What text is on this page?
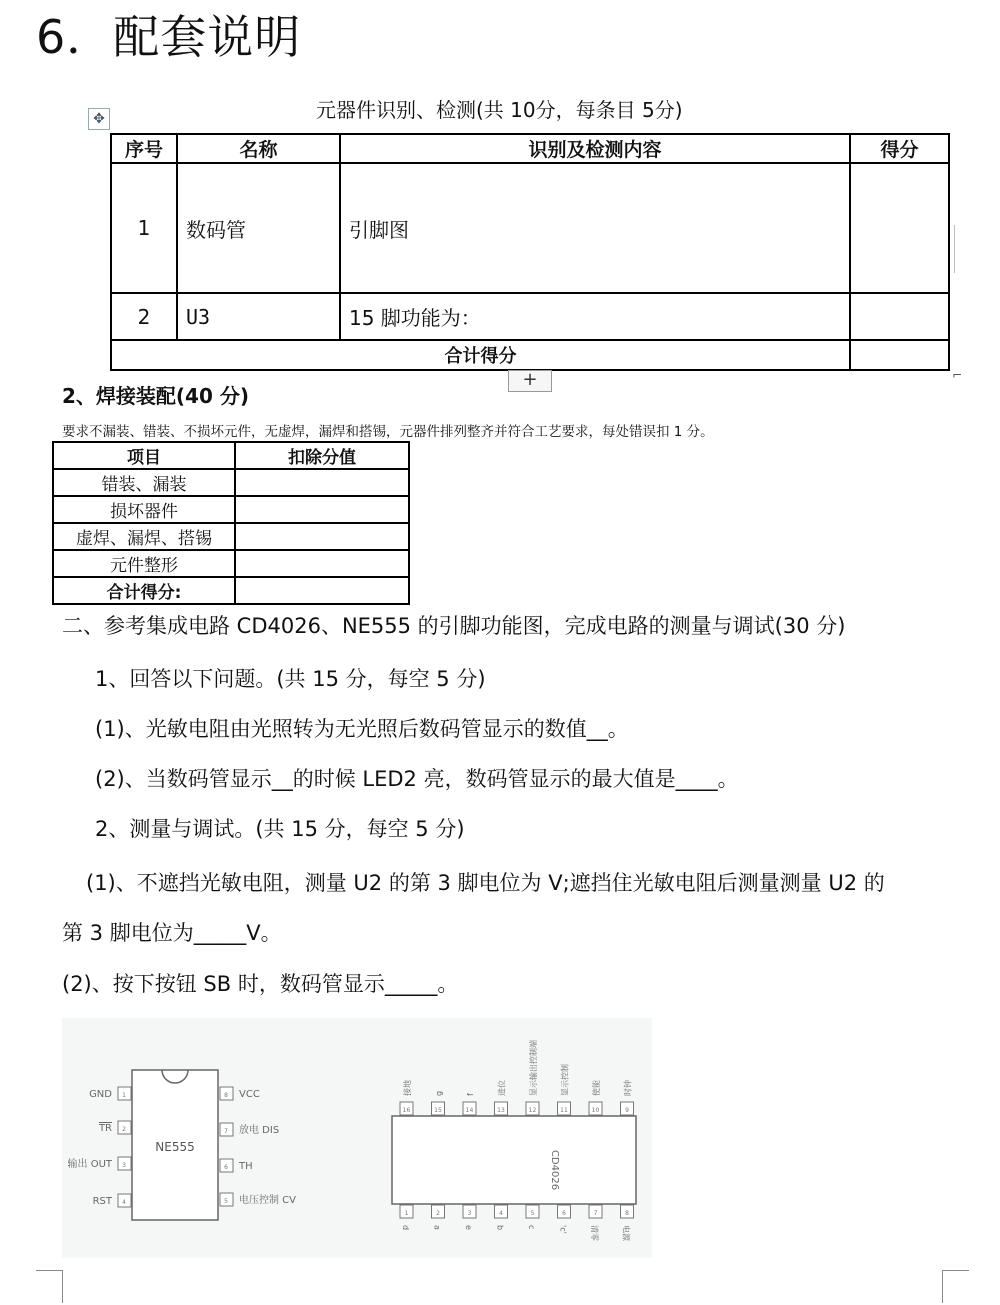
6．配套说明
元器件识别、检测(共 10分，每条目 5分)
✥
序号	名称	识别及检测内容	得分
1	数码管	引脚图	
2	U3	15 脚功能为：	
合计得分			
+	⌐
2、焊接装配(40 分)
要求不漏装、错装、不损坏元件，无虚焊，漏焊和搭锡，元器件排列整齐并符合工艺要求，每处错误扣 1 分。
项目	扣除分值
错装、漏装	
损坏器件	
虚焊、漏焊、搭锡	
元件整形	
合计得分:	
二、参考集成电路 CD4026、NE555 的引脚功能图，完成电路的测量与调试(30 分)
1、回答以下问题。(共 15 分，每空 5 分)
(1)、光敏电阻由光照转为无光照后数码管显示的数值__。
(2)、当数码管显示__的时候 LED2 亮，数码管显示的最大值是____。
2、测量与调试。(共 15 分，每空 5 分)
(1)、不遮挡光敏电阻，测量 U2 的第 3 脚电位为 V;遮挡住光敏电阻后测量测量 U2 的
第 3 脚电位为_____V。
(2)、按下按钮 SB 时，数码管显示_____。
NE555
1
GND
2
TR
3
输出 OUT
4
RST
8 VCC
7 放电 DIS
6 TH
5 电压控制 CV
CD4026
16
接地
15
g
14
f
13
进位
12
显示输出控制端
11
显示控制
10
使能
9
时钟
1
d
2
a
3
e
4
b
5
c
6
'c'
7
清零
8
电源
